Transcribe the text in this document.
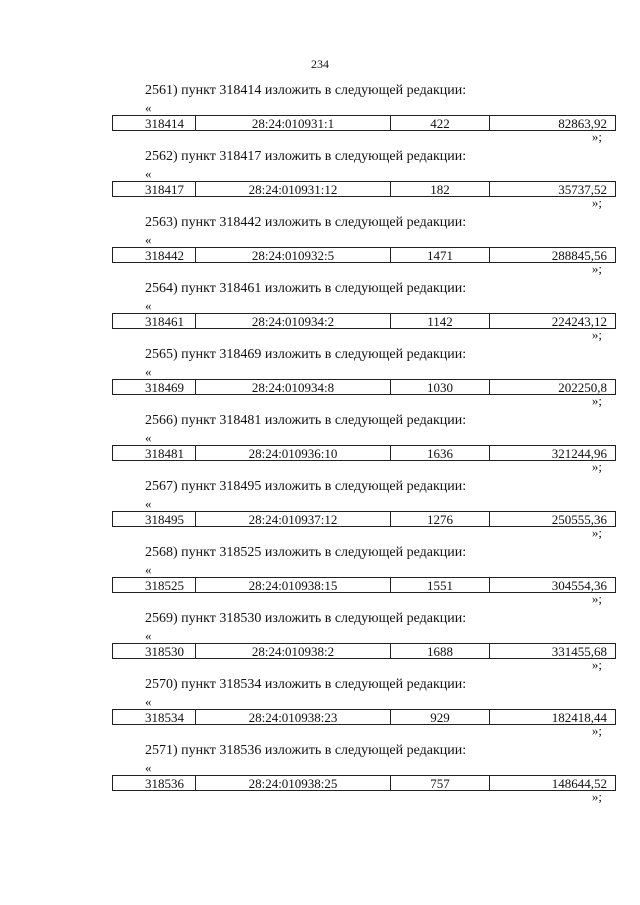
234
2561) пункт 318414 изложить в следующей редакции:
«
318414	28:24:010931:1	422	82863,92
»;
2562) пункт 318417 изложить в следующей редакции:
«
318417	28:24:010931:12	182	35737,52
»;
2563) пункт 318442 изложить в следующей редакции:
«
318442	28:24:010932:5	1471	288845,56
»;
2564) пункт 318461 изложить в следующей редакции:
«
318461	28:24:010934:2	1142	224243,12
»;
2565) пункт 318469 изложить в следующей редакции:
«
318469	28:24:010934:8	1030	202250,8
»;
2566) пункт 318481 изложить в следующей редакции:
«
318481	28:24:010936:10	1636	321244,96
»;
2567) пункт 318495 изложить в следующей редакции:
«
318495	28:24:010937:12	1276	250555,36
»;
2568) пункт 318525 изложить в следующей редакции:
«
318525	28:24:010938:15	1551	304554,36
»;
2569) пункт 318530 изложить в следующей редакции:
«
318530	28:24:010938:2	1688	331455,68
»;
2570) пункт 318534 изложить в следующей редакции:
«
318534	28:24:010938:23	929	182418,44
»;
2571) пункт 318536 изложить в следующей редакции:
«
318536	28:24:010938:25	757	148644,52
»;
